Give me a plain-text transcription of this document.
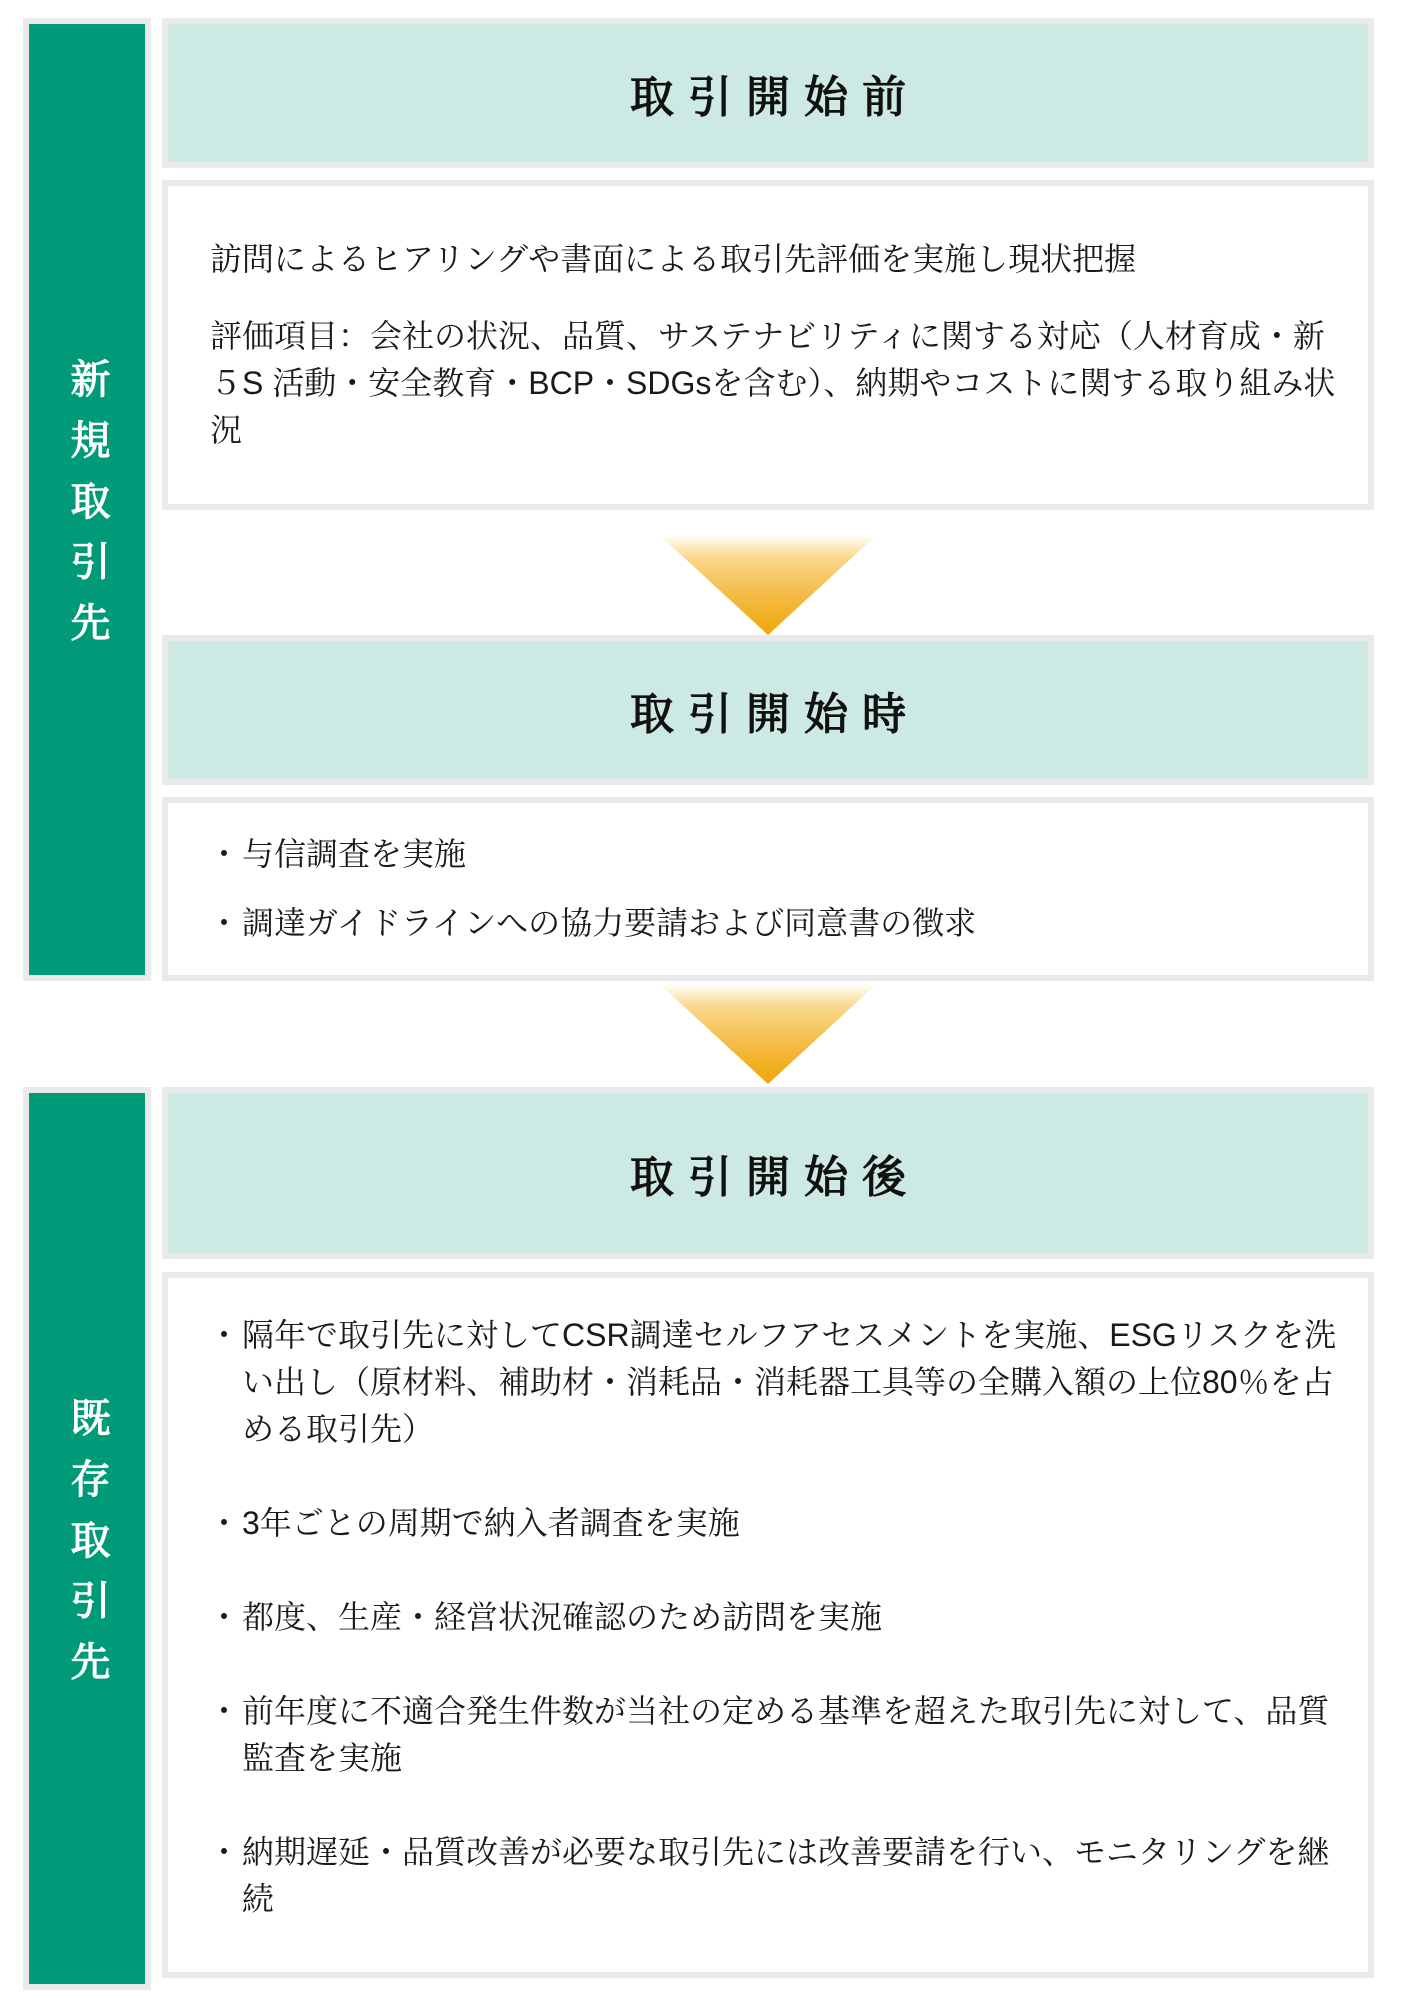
新規取引先
取引開始前

訪問によるヒアリングや書面による取引先評価を実施し現状把握

評価項目：会社の状況、品質、サステナビリティに関する対応（人材育成・新５S 活動・安全教育・BCP・SDGsを含む）、納期やコストに関する取り組み状況

取引開始時
・ 与信調査を実施
・ 調達ガイドラインへの協力要請および同意書の徴求
既存取引先
取引開始後
・ 隔年で取引先に対してCSR調達セルフアセスメントを実施、ESGリスクを洗い出し（原材料、補助材・消耗品・消耗器工具等の全購入額の上位80％を占める取引先）
・ 3年ごとの周期で納入者調査を実施
・ 都度、生産・経営状況確認のため訪問を実施
・ 前年度に不適合発生件数が当社の定める基準を超えた取引先に対して、品質監査を実施
・ 納期遅延・品質改善が必要な取引先には改善要請を行い、モニタリングを継続
